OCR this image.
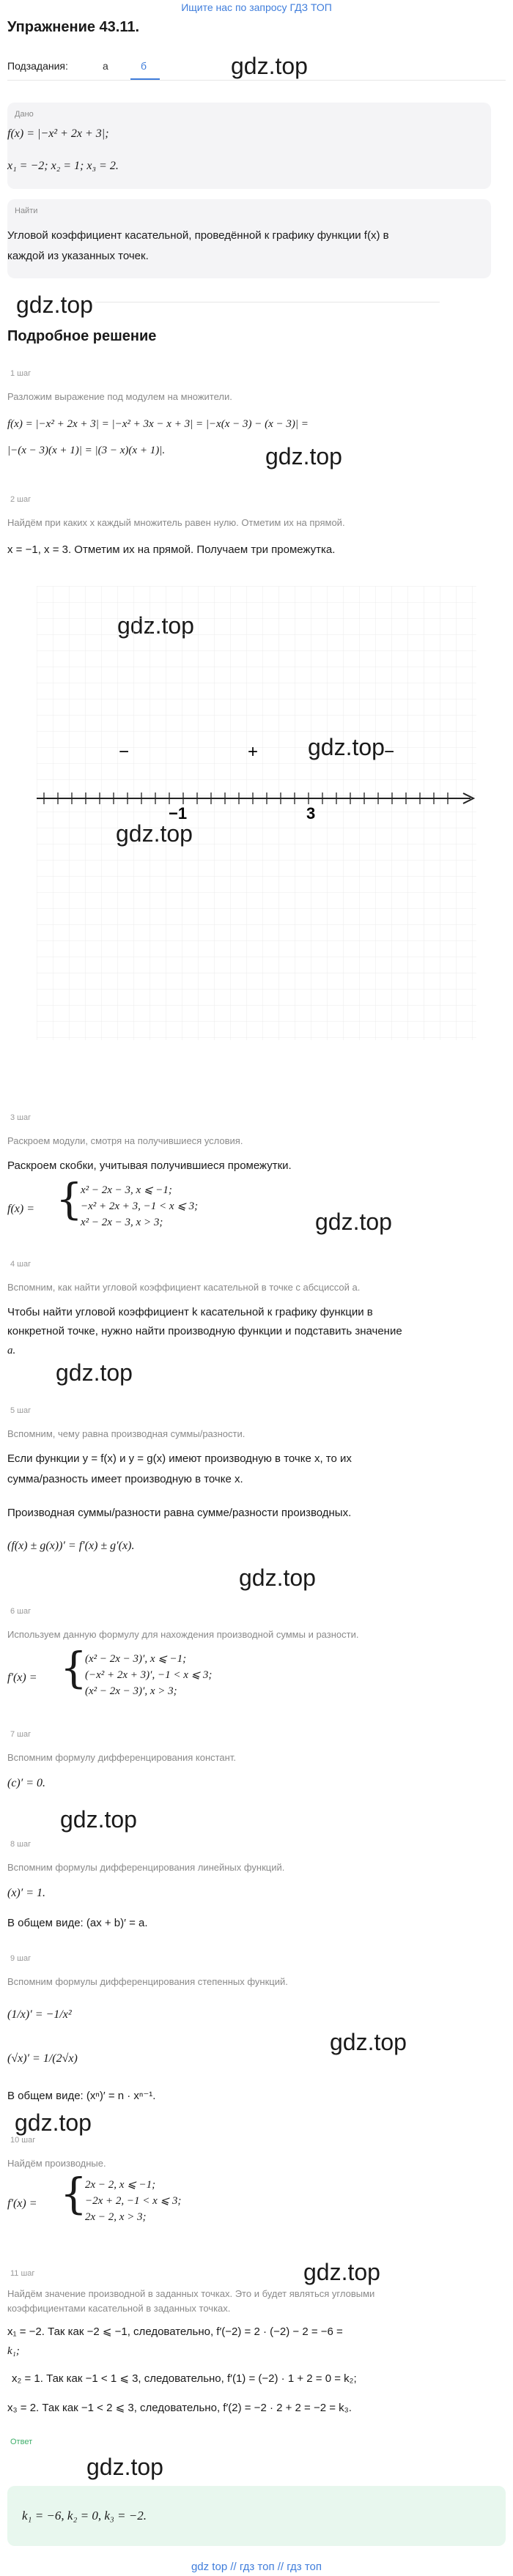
Ищите нас по запросу ГДЗ ТОП
Упражнение 43.11.
Подзадания:	а	б	gdz.top
Дано
f(x) = |−x² + 2x + 3|;
x₁ = −2; x₂ = 1; x₃ = 2.
Найти
Угловой коэффициент касательной, проведённой к графику функции f(x) в
каждой из указанных точек.
gdz.top
Подробное решение
1 шаг
Разложим выражение под модулем на множители.
f(x) = |−x² + 2x + 3| = |−x² + 3x − x + 3| = |−x(x − 3) − (x − 3)| =
|−(x − 3)(x + 1)| = |(3 − x)(x + 1)|.	gdz.top
2 шаг
Найдём при каких x каждый множитель равен нулю. Отметим их на прямой.
x = −1, x = 3. Отметим их на прямой. Получаем три промежутка.
−	+	−
−1	3
gdz.top
gdz.top
3 шаг
Раскроем модули, смотря на получившиеся условия.
Раскроем скобки, учитывая получившиеся промежутки.
f(x) = {
x² − 2x − 3, x ⩽ −1;
−x² + 2x + 3, −1 < x ⩽ 3;
x² − 2x − 3, x > 3;	gdz.top
4 шаг
Вспомним, как найти угловой коэффициент касательной в точке с абсциссой a.
Чтобы найти угловой коэффициент k касательной к графику функции в
конкретной точке, нужно найти производную функции и подставить значение
a.
gdz.top
5 шаг
Вспомним, чему равна производная суммы/разности.
Если функции y = f(x) и y = g(x) имеют производную в точке x, то их
сумма/разность имеет производную в точке x.
Производная суммы/разности равна сумме/разности производных.
(f(x) ± g(x))′ = f′(x) ± g′(x).
gdz.top
6 шаг
Используем данную формулу для нахождения производной суммы и разности.
f′(x) = {
(x² − 2x − 3)′, x ⩽ −1;
(−x² + 2x + 3)′, −1 < x ⩽ 3;
(x² − 2x − 3)′, x > 3;
7 шаг
Вспомним формулу дифференцирования констант.
(c)′ = 0.
gdz.top
8 шаг
Вспомним формулы дифференцирования линейных функций.
(x)′ = 1.
В общем виде: (ax + b)′ = a.
9 шаг
Вспомним формулы дифференцирования степенных функций.
(1/x)′ = −1/x²
(√x)′ = 1/(2√x)
gdz.top
В общем виде: (xⁿ)′ = n · xⁿ⁻¹.
gdz.top
10 шаг
Найдём производные.
f′(x) = {
2x − 2, x ⩽ −1;
−2x + 2, −1 < x ⩽ 3;
2x − 2, x > 3;
gdz.top
11 шаг
Найдём значение производной в заданных точках. Это и будет являться угловыми
коэффициентами касательной в заданных точках.
x₁ = −2. Так как −2 ⩽ −1, следовательно, f′(−2) = 2 · (−2) − 2 = −6 =
k₁;
x₂ = 1. Так как −1 < 1 ⩽ 3, следовательно, f′(1) = (−2) · 1 + 2 = 0 = k₂;
x₃ = 2. Так как −1 < 2 ⩽ 3, следовательно, f′(2) = −2 · 2 + 2 = −2 = k₃.
gdz.top
Ответ
k₁ = −6, k₂ = 0, k₃ = −2.
gdz top // гдз топ // гдз топ
